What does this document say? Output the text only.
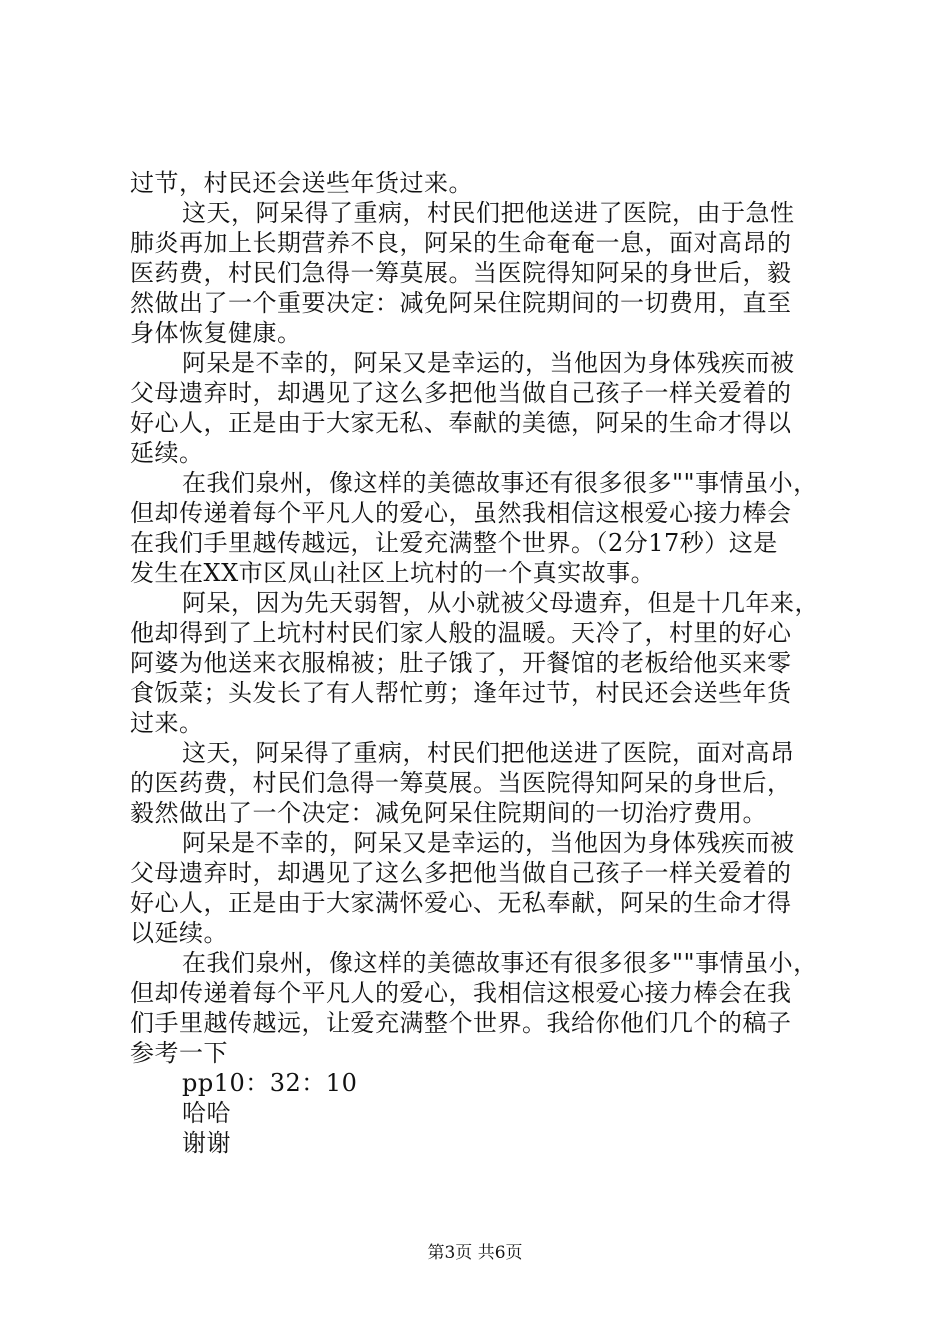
过节，村民还会送些年货过来。
这天，阿呆得了重病，村民们把他送进了医院，由于急性
肺炎再加上长期营养不良，阿呆的生命奄奄一息，面对高昂的
医药费，村民们急得一筹莫展。当医院得知阿呆的身世后，毅
然做出了一个重要决定：减免阿呆住院期间的一切费用，直至
身体恢复健康。
阿呆是不幸的，阿呆又是幸运的，当他因为身体残疾而被
父母遗弃时，却遇见了这么多把他当做自己孩子一样关爱着的
好心人，正是由于大家无私、奉献的美德，阿呆的生命才得以
延续。
在我们泉州，像这样的美德故事还有很多很多""事情虽小，
但却传递着每个平凡人的爱心，虽然我相信这根爱心接力棒会
在我们手里越传越远，让爱充满整个世界。（2分17秒）这是
发生在XX市区凤山社区上坑村的一个真实故事。
阿呆，因为先天弱智，从小就被父母遗弃，但是十几年来，
他却得到了上坑村村民们家人般的温暖。天冷了，村里的好心
阿婆为他送来衣服棉被；肚子饿了，开餐馆的老板给他买来零
食饭菜；头发长了有人帮忙剪；逢年过节，村民还会送些年货
过来。
这天，阿呆得了重病，村民们把他送进了医院，面对高昂
的医药费，村民们急得一筹莫展。当医院得知阿呆的身世后，
毅然做出了一个决定：减免阿呆住院期间的一切治疗费用。
阿呆是不幸的，阿呆又是幸运的，当他因为身体残疾而被
父母遗弃时，却遇见了这么多把他当做自己孩子一样关爱着的
好心人，正是由于大家满怀爱心、无私奉献，阿呆的生命才得
以延续。
在我们泉州，像这样的美德故事还有很多很多""事情虽小，
但却传递着每个平凡人的爱心，我相信这根爱心接力棒会在我
们手里越传越远，让爱充满整个世界。我给你他们几个的稿子
参考一下
pp10：32：10
哈哈
谢谢
第3页 共6页
